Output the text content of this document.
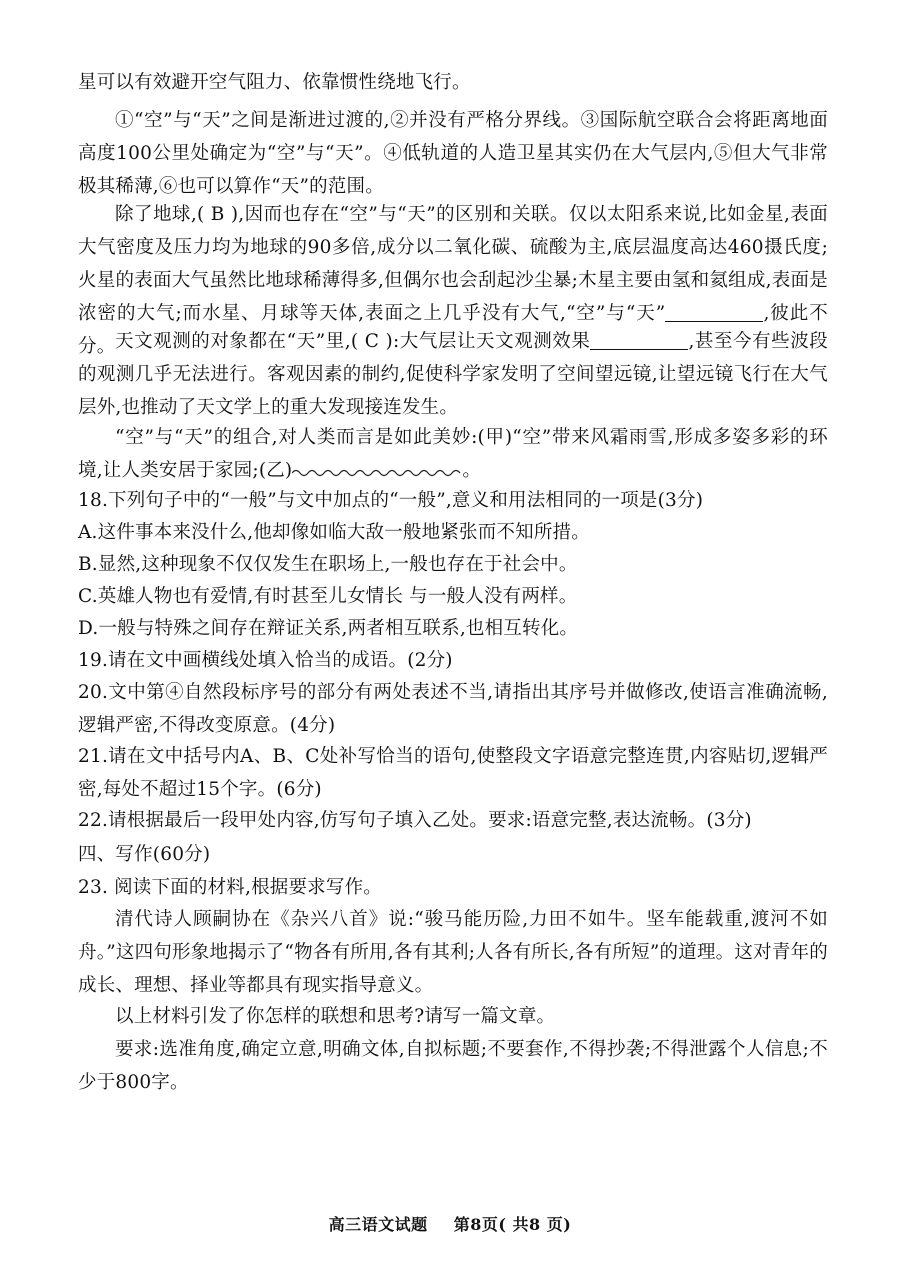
星可以有效避开空气阻力、依靠惯性绕地飞行。

①“空”与“天”之间是渐进过渡的,②并没有严格分界线。③国际航空联合会将距离地面高度100公里处确定为“空”与“天”。④低轨道的人造卫星其实仍在大气层内,⑤但大气非常极其稀薄,⑥也可以算作“天”的范围。

除了地球,( B ),因而也存在“空”与“天”的区别和关联。仅以太阳系来说,比如金星,表面大气密度及压力均为地球的90多倍,成分以二氧化碳、硫酸为主,底层温度高达460摄氏度;火星的表面大气虽然比地球稀薄得多,但偶尔也会刮起沙尘暴;木星主要由氢和氦组成,表面是浓密的大气;而水星、月球等天体,表面之上几乎没有大气,“空”与“天”	,彼此不分。 天文观测的对象都在“天”里,( C ):大气层让天文观测效果	,甚至今有些波段的观测几乎无法进行。客观因素的制约,促使科学家发明了空间望远镜,让望远镜飞行在大气层外,也推动了天文学上的重大发现接连发生。

“空”与“天”的组合,对人类而言是如此美妙:(甲)“空”带来风霜雨雪,形成多姿多彩的环境,让人类安居于家园;(乙)	。

18.下列句子中的“一般”与文中加点的“一般”,意义和用法相同的一项是(3分)

A.这件事本来没什么,他却像如临大敌一般地紧张而不知所措。

B.显然,这种现象不仅仅发生在职场上,一般也存在于社会中。

C.英雄人物也有爱情,有时甚至儿女情长 与一般人没有两样。

D.一般与特殊之间存在辩证关系,两者相互联系,也相互转化。

19.请在文中画横线处填入恰当的成语。(2分)

20.文中第④自然段标序号的部分有两处表述不当,请指出其序号并做修改,使语言准确流畅,逻辑严密,不得改变原意。(4分)

21.请在文中括号内A、B、C处补写恰当的语句,使整段文字语意完整连贯,内容贴切,逻辑严密,每处不超过15个字。(6分)

22.请根据最后一段甲处内容,仿写句子填入乙处。要求:语意完整,表达流畅。(3分)

四、写作(60分)

23. 阅读下面的材料,根据要求写作。

清代诗人顾嗣协在《杂兴八首》说:“骏马能历险,力田不如牛。坚车能载重,渡河不如舟。”这四句形象地揭示了“物各有所用,各有其利;人各有所长,各有所短”的道理。这对青年的成长、理想、择业等都具有现实指导意义。

以上材料引发了你怎样的联想和思考?请写一篇文章。

要求:选准角度,确定立意,明确文体,自拟标题;不要套作,不得抄袭;不得泄露个人信息;不少于800字。

高三语文试题 第8页( 共8 页)
